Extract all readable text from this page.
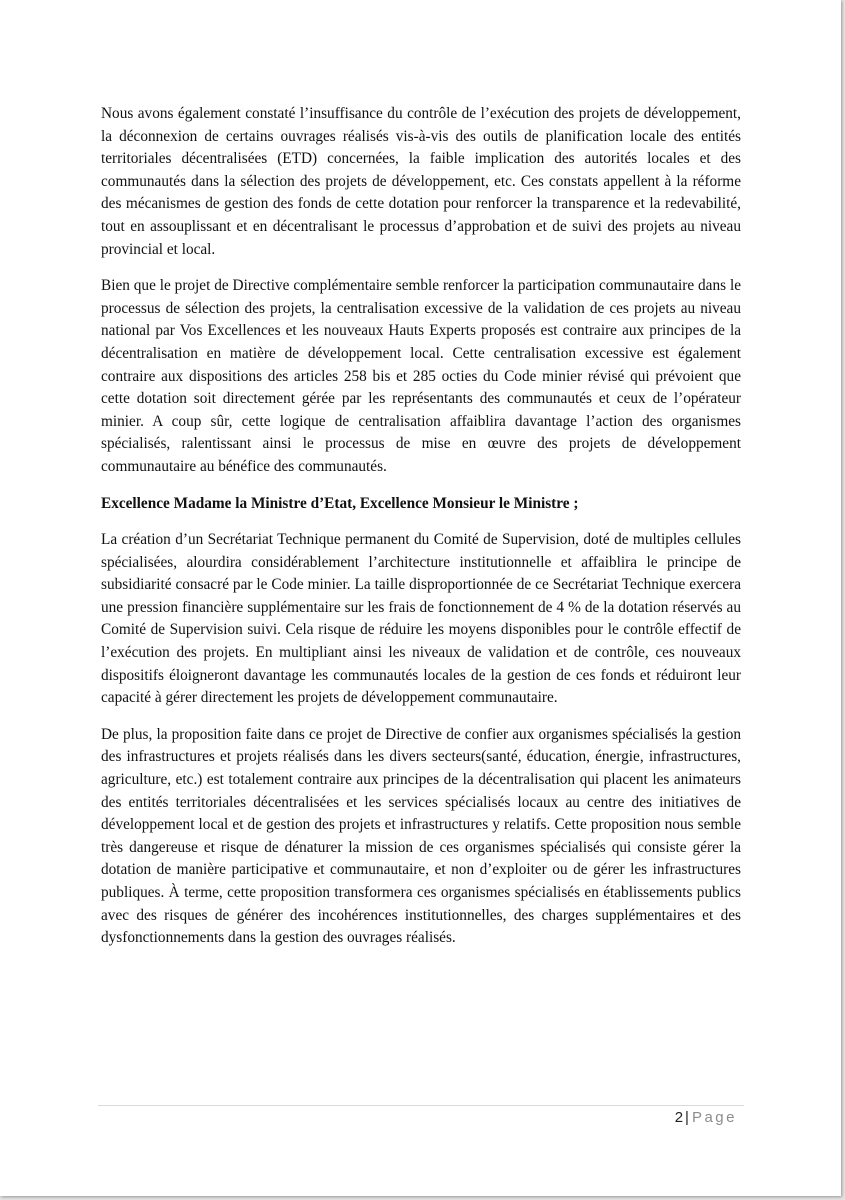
Nous avons également constaté l’insuffisance du contrôle de l’exécution des projets de développement, la déconnexion de certains ouvrages réalisés vis-à-vis des outils de planification locale des entités territoriales décentralisées (ETD) concernées, la faible implication des autorités locales et des communautés dans la sélection des projets de développement, etc. Ces constats appellent à la réforme des mécanismes de gestion des fonds de cette dotation pour renforcer la transparence et la redevabilité, tout en assouplissant et en décentralisant le processus d’approbation et de suivi des projets au niveau provincial et local.

Bien que le projet de Directive complémentaire semble renforcer la participation communautaire dans le processus de sélection des projets, la centralisation excessive de la validation de ces projets au niveau national par Vos Excellences et les nouveaux Hauts Experts proposés est contraire aux principes de la décentralisation en matière de développement local. Cette centralisation excessive est également contraire aux dispositions des articles 258 bis et 285 octies du Code minier révisé qui prévoient que cette dotation soit directement gérée par les représentants des communautés et ceux de l’opérateur minier. A coup sûr, cette logique de centralisation affaiblira davantage l’action des organismes spécialisés, ralentissant ainsi le processus de mise en œuvre des projets de développement communautaire au bénéfice des communautés.

Excellence Madame la Ministre d’Etat, Excellence Monsieur le Ministre ;

La création d’un Secrétariat Technique permanent du Comité de Supervision, doté de multiples cellules spécialisées, alourdira considérablement l’architecture institutionnelle et affaiblira le principe de subsidiarité consacré par le Code minier. La taille disproportionnée de ce Secrétariat Technique exercera une pression financière supplémentaire sur les frais de fonctionnement de 4 % de la dotation réservés au Comité de Supervision suivi. Cela risque de réduire les moyens disponibles pour le contrôle effectif de l’exécution des projets. En multipliant ainsi les niveaux de validation et de contrôle, ces nouveaux dispositifs éloigneront davantage les communautés locales de la gestion de ces fonds et réduiront leur capacité à gérer directement les projets de développement communautaire.

De plus, la proposition faite dans ce projet de Directive de confier aux organismes spécialisés la gestion des infrastructures et projets réalisés dans les divers secteurs(santé, éducation, énergie, infrastructures, agriculture, etc.) est totalement contraire aux principes de la décentralisation qui placent les animateurs des entités territoriales décentralisées et les services spécialisés locaux au centre des initiatives de développement local et de gestion des projets et infrastructures y relatifs. Cette proposition nous semble très dangereuse et risque de dénaturer la mission de ces organismes spécialisés qui consiste gérer la dotation de manière participative et communautaire, et non d’exploiter ou de gérer les infrastructures publiques. À terme, cette proposition transformera ces organismes spécialisés en établissements publics avec des risques de générer des incohérences institutionnelles, des charges supplémentaires et des dysfonctionnements dans la gestion des ouvrages réalisés.

2 | Page
